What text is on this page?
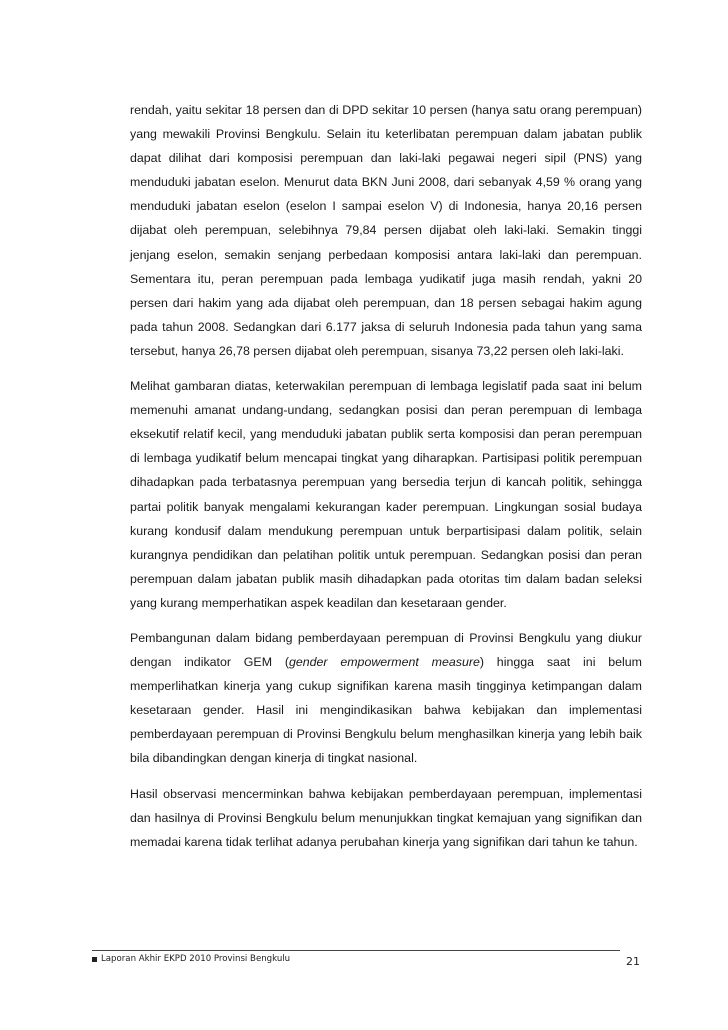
rendah, yaitu sekitar 18 persen dan di DPD sekitar 10 persen (hanya satu orang perempuan) yang mewakili Provinsi Bengkulu. Selain itu keterlibatan perempuan dalam jabatan publik dapat dilihat dari komposisi perempuan dan laki-laki pegawai negeri sipil (PNS) yang menduduki jabatan eselon. Menurut data BKN Juni 2008, dari sebanyak 4,59 % orang yang menduduki jabatan eselon (eselon I sampai eselon V) di Indonesia, hanya 20,16 persen dijabat oleh perempuan, selebihnya 79,84 persen dijabat oleh laki-laki. Semakin tinggi jenjang eselon, semakin senjang perbedaan komposisi antara laki-laki dan perempuan. Sementara itu, peran perempuan pada lembaga yudikatif juga masih rendah, yakni 20 persen dari hakim yang ada dijabat oleh perempuan, dan 18 persen sebagai hakim agung pada tahun 2008. Sedangkan dari 6.177 jaksa di seluruh Indonesia pada tahun yang sama tersebut, hanya 26,78 persen dijabat oleh perempuan, sisanya 73,22 persen oleh laki-laki.

Melihat gambaran diatas, keterwakilan perempuan di lembaga legislatif pada saat ini belum memenuhi amanat undang-undang, sedangkan posisi dan peran perempuan di lembaga eksekutif relatif kecil, yang menduduki jabatan publik serta komposisi dan peran perempuan di lembaga yudikatif belum mencapai tingkat yang diharapkan. Partisipasi politik perempuan dihadapkan pada terbatasnya perempuan yang bersedia terjun di kancah politik, sehingga partai politik banyak mengalami kekurangan kader perempuan. Lingkungan sosial budaya kurang kondusif dalam mendukung perempuan untuk berpartisipasi dalam politik, selain kurangnya pendidikan dan pelatihan politik untuk perempuan. Sedangkan posisi dan peran perempuan dalam jabatan publik masih dihadapkan pada otoritas tim dalam badan seleksi yang kurang memperhatikan aspek keadilan dan kesetaraan gender.

Pembangunan dalam bidang pemberdayaan perempuan di Provinsi Bengkulu yang diukur dengan indikator GEM (gender empowerment measure) hingga saat ini belum memperlihatkan kinerja yang cukup signifikan karena masih tingginya ketimpangan dalam kesetaraan gender. Hasil ini mengindikasikan bahwa kebijakan dan implementasi pemberdayaan perempuan di Provinsi Bengkulu belum menghasilkan kinerja yang lebih baik bila dibandingkan dengan kinerja di tingkat nasional.

Hasil observasi mencerminkan bahwa kebijakan pemberdayaan perempuan, implementasi dan hasilnya di Provinsi Bengkulu belum menunjukkan tingkat kemajuan yang signifikan dan memadai karena tidak terlihat adanya perubahan kinerja yang signifikan dari tahun ke tahun.

Laporan Akhir EKPD 2010 Provinsi Bengkulu	21
